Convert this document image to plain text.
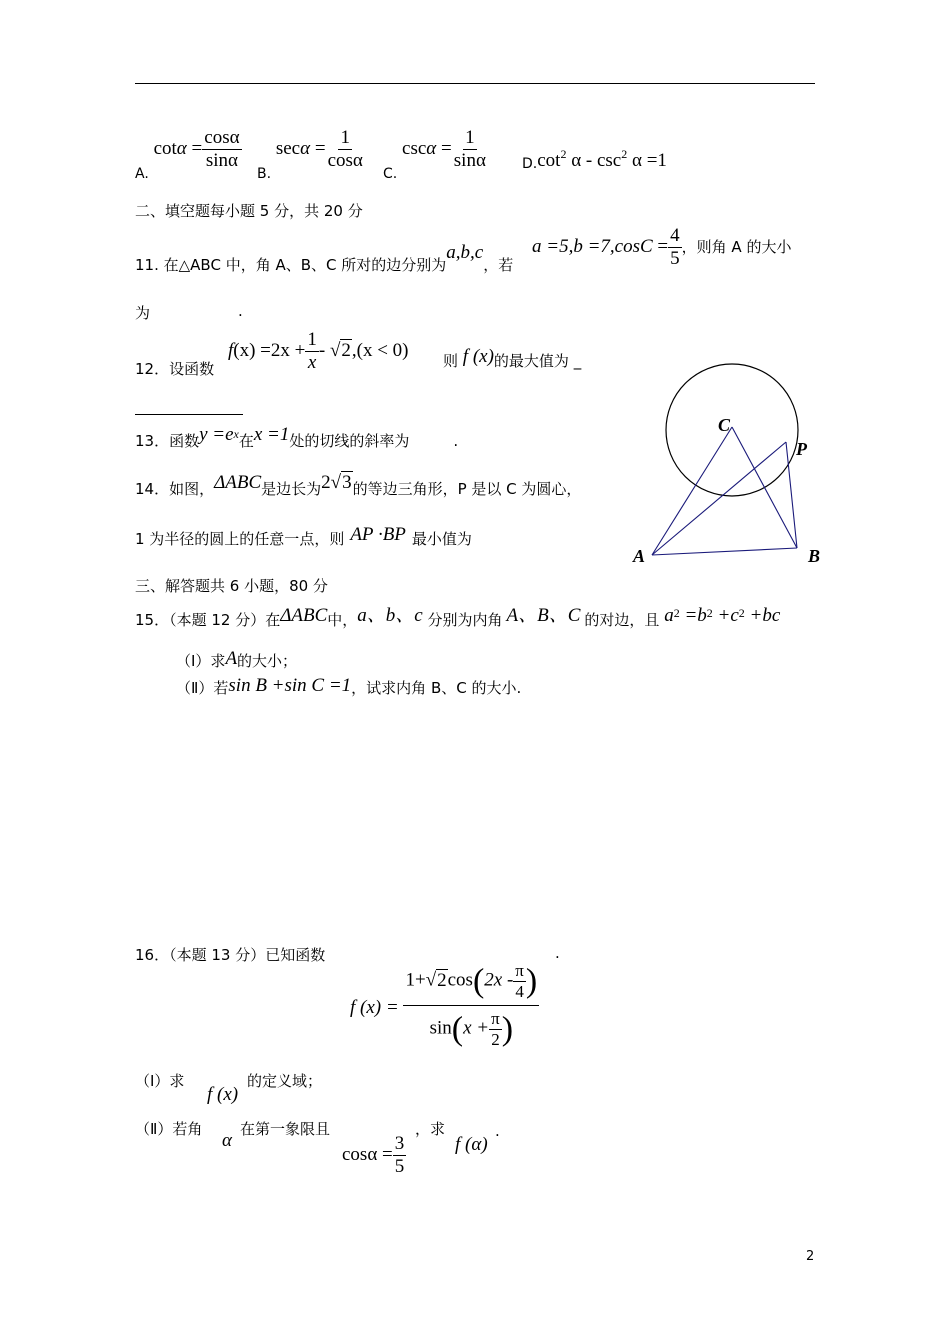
A. $\cot\alpha = \frac{\cos\alpha}{\sin\alpha}$
B. $\sec\alpha = \frac{1}{\cos\alpha}$
C. $\csc\alpha = \frac{1}{\sin\alpha} D.\cot^2$ $\alpha - \csc^2 \alpha =1$
二、填空题每小题 5 分，共 20 分
11. 在△ABC 中，角 A、B、C 所对的边分别为a,b,c，若
$a =5,b =7,\cos C = \frac{4}{5}$ ，则角 A 的大小
为	.
12．设函数
$f(x) =2x + \frac{1}{x} - √2,(x < 0)$
则 f (x)的最大值为 _
13．函数$y =e^x$在x =1处的切线的斜率为	.
14．如图，ΔABC是边长为2√3的等边三角形，P 是以 C 为圆心，
1 为半径的圆上的任意一点，则 AP ·BP 最小值为
C
P
A	B
三、解答题共 6 小题，80 分
15．（本题 12 分）在ΔABC中，a、b、c 分别为内角 A、B、C 的对边，且 $a^2 =b^2 +c^2 +bc$
（Ⅰ）求A的大小；
（Ⅱ）若sin B +sin C =1，试求内角 B、C 的大小.
16．（本题 13 分）已知函数	.
f $(x) = \frac{1+√2\cos(2x - \frac{\pi}{4} )}{\sin(x + \frac{\pi}{2} )}$
（Ⅰ）求
f (x)
的定义域；
（Ⅱ）若角
α
在第一象限且
$\cos\alpha = \frac{3}{5}$
，求
f (α)
.
2
